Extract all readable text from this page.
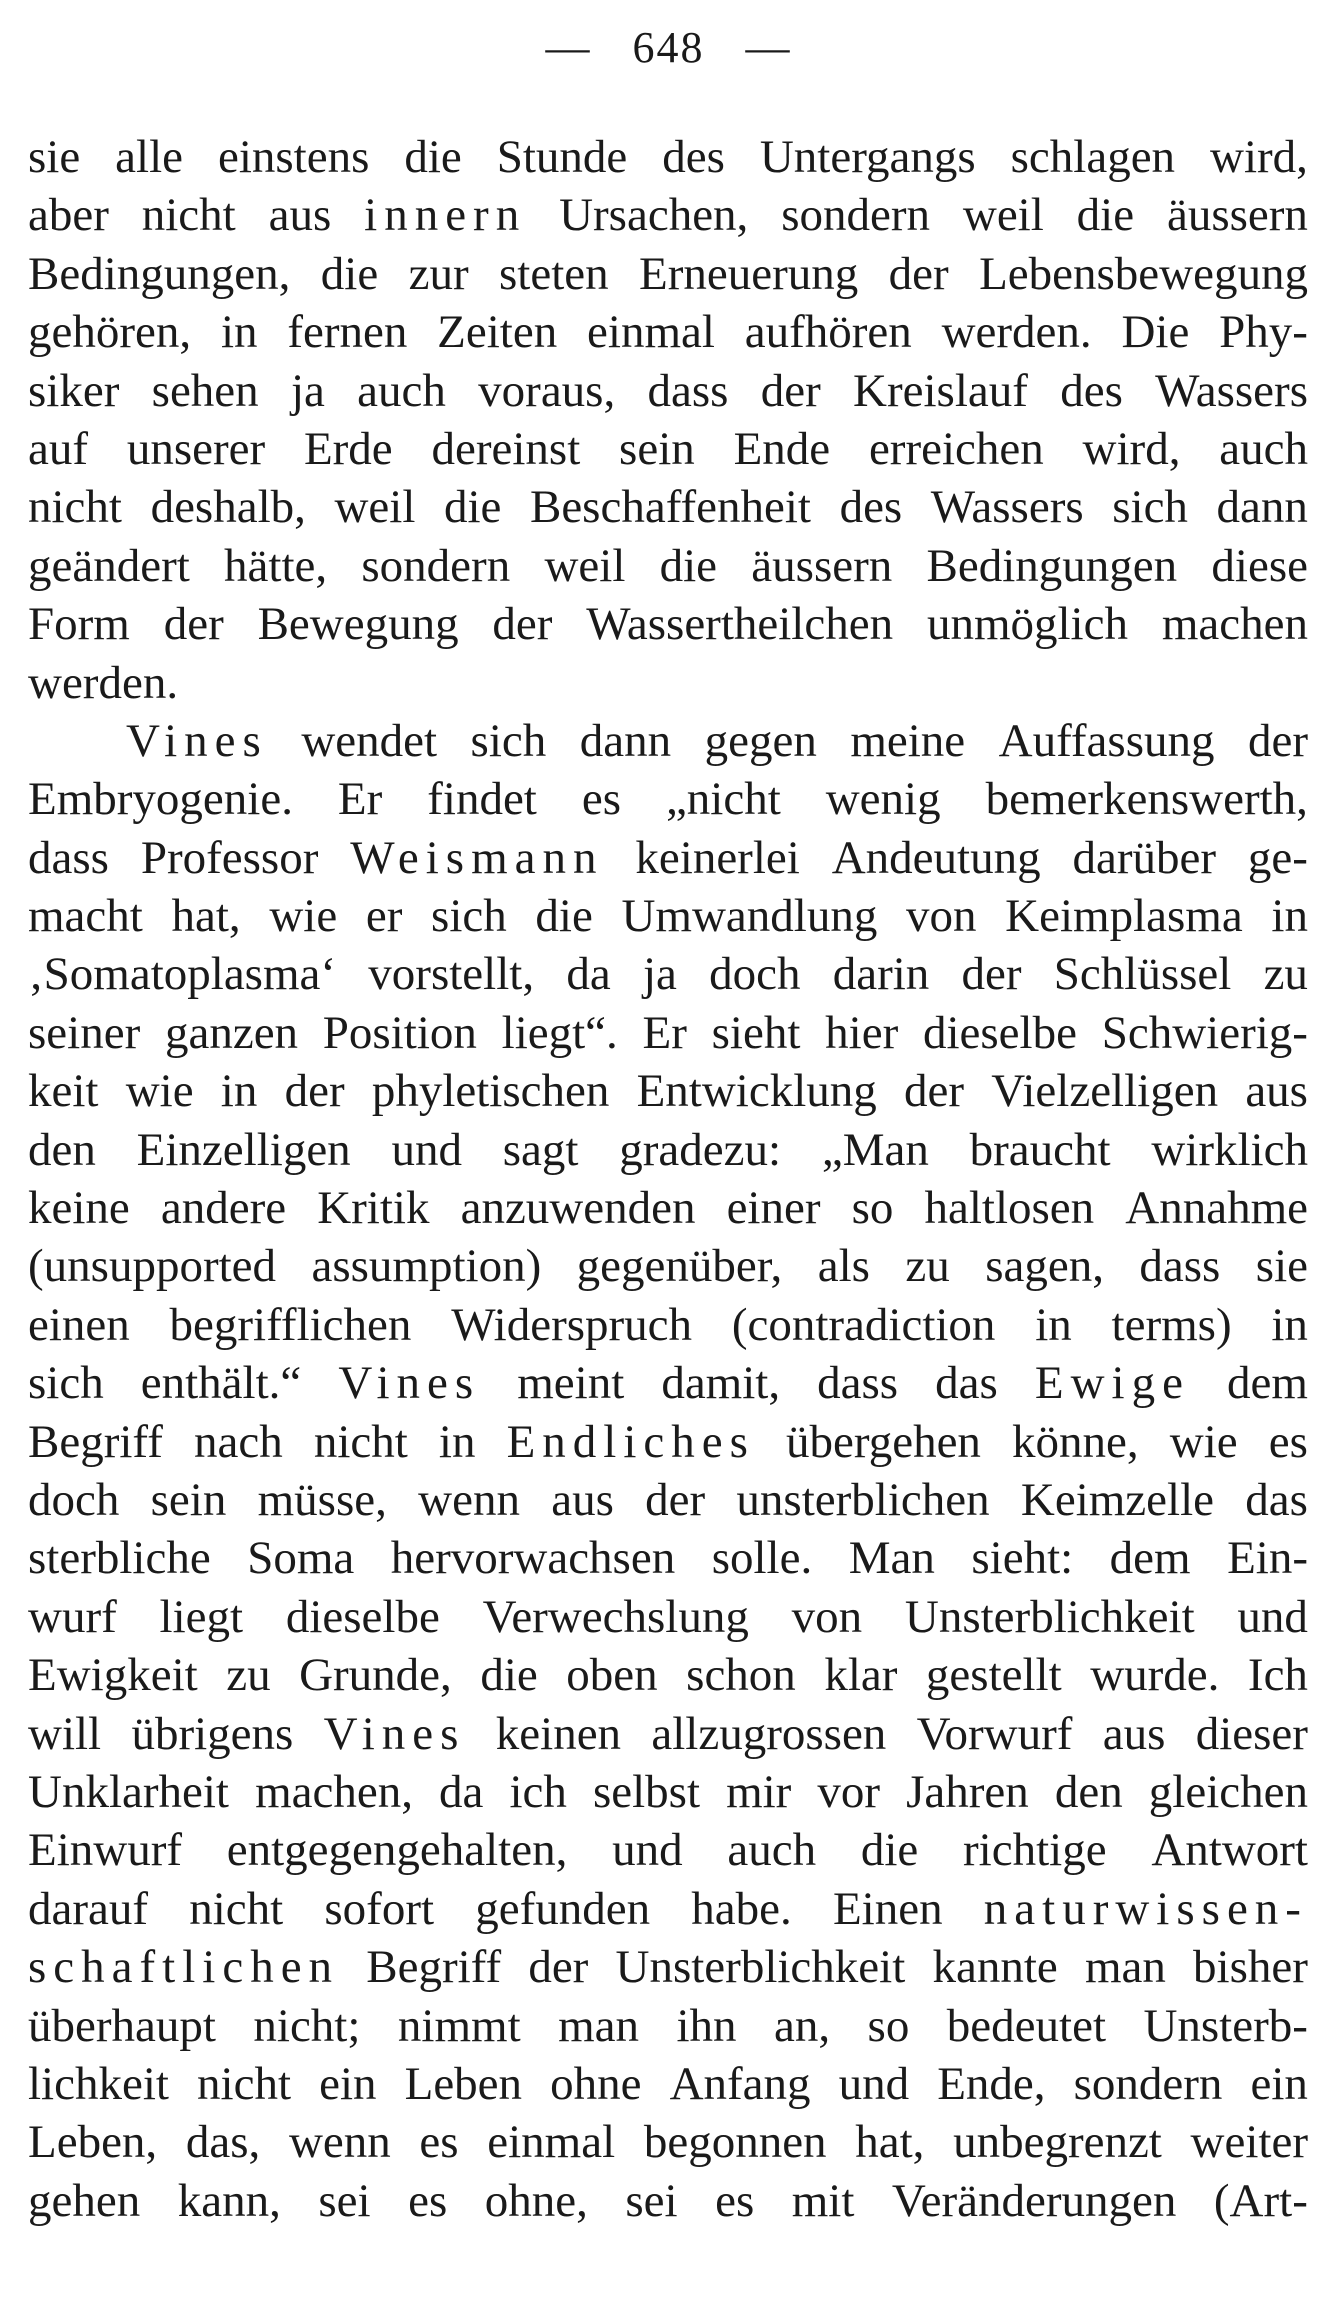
— 648 —
sie alle einstens die Stunde des Untergangs schlagen wird,
aber nicht aus innern Ursachen, sondern weil die äussern
Bedingungen, die zur steten Erneuerung der Lebensbewegung
gehören, in fernen Zeiten einmal aufhören werden. Die Phy-
siker sehen ja auch voraus, dass der Kreislauf des Wassers
auf unserer Erde dereinst sein Ende erreichen wird, auch
nicht deshalb, weil die Beschaffenheit des Wassers sich dann
geändert hätte, sondern weil die äussern Bedingungen diese
Form der Bewegung der Wassertheilchen unmöglich machen
werden.
Vines wendet sich dann gegen meine Auffassung der
Embryogenie. Er findet es „nicht wenig bemerkenswerth,
dass Professor Weismann keinerlei Andeutung darüber ge-
macht hat, wie er sich die Umwandlung von Keimplasma in
‚Somatoplasma‘ vorstellt, da ja doch darin der Schlüssel zu
seiner ganzen Position liegt“. Er sieht hier dieselbe Schwierig-
keit wie in der phyletischen Entwicklung der Vielzelligen aus
den Einzelligen und sagt gradezu: „Man braucht wirklich
keine andere Kritik anzuwenden einer so haltlosen Annahme
(unsupported assumption) gegenüber, als zu sagen, dass sie
einen begrifflichen Widerspruch (contradiction in terms) in
sich enthält.“ Vines meint damit, dass das Ewige dem
Begriff nach nicht in Endliches übergehen könne, wie es
doch sein müsse, wenn aus der unsterblichen Keimzelle das
sterbliche Soma hervorwachsen solle. Man sieht: dem Ein-
wurf liegt dieselbe Verwechslung von Unsterblichkeit und
Ewigkeit zu Grunde, die oben schon klar gestellt wurde. Ich
will übrigens Vines keinen allzugrossen Vorwurf aus dieser
Unklarheit machen, da ich selbst mir vor Jahren den gleichen
Einwurf entgegengehalten, und auch die richtige Antwort
darauf nicht sofort gefunden habe. Einen naturwissen-
schaftlichen Begriff der Unsterblichkeit kannte man bisher
überhaupt nicht; nimmt man ihn an, so bedeutet Unsterb-
lichkeit nicht ein Leben ohne Anfang und Ende, sondern ein
Leben, das, wenn es einmal begonnen hat, unbegrenzt weiter
gehen kann, sei es ohne, sei es mit Veränderungen (Art-
